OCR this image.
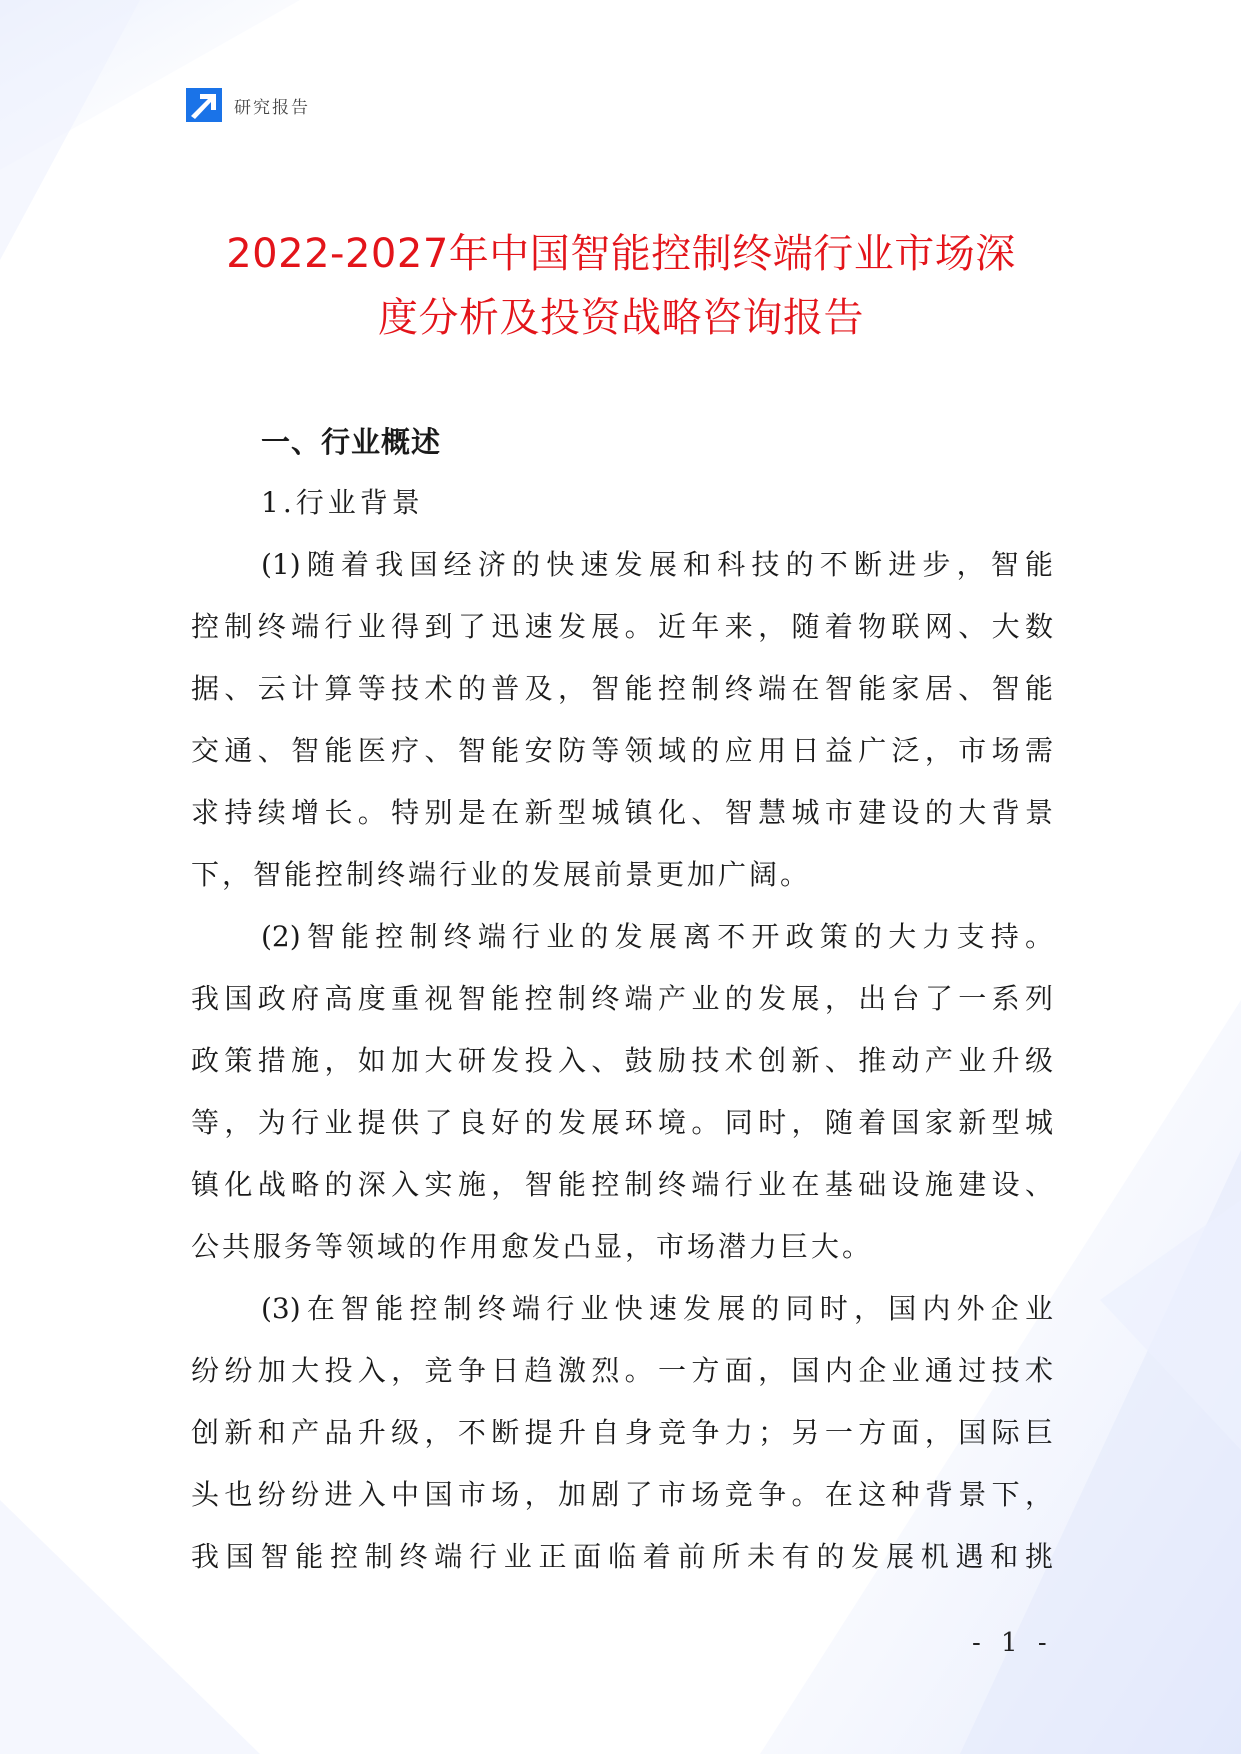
研究报告
2022-2027年中国智能控制终端行业市场深
度分析及投资战略咨询报告
一、行业概述
1.行业背景
(1)随着我国经济的快速发展和科技的不断进步，智能
控制终端行业得到了迅速发展。近年来，随着物联网、大数
据、云计算等技术的普及，智能控制终端在智能家居、智能
交通、智能医疗、智能安防等领域的应用日益广泛，市场需
求持续增长。特别是在新型城镇化、智慧城市建设的大背景
下，智能控制终端行业的发展前景更加广阔。
(2)智能控制终端行业的发展离不开政策的大力支持。
我国政府高度重视智能控制终端产业的发展，出台了一系列
政策措施，如加大研发投入、鼓励技术创新、推动产业升级
等，为行业提供了良好的发展环境。同时，随着国家新型城
镇化战略的深入实施，智能控制终端行业在基础设施建设、
公共服务等领域的作用愈发凸显，市场潜力巨大。
(3)在智能控制终端行业快速发展的同时，国内外企业
纷纷加大投入，竞争日趋激烈。一方面，国内企业通过技术
创新和产品升级，不断提升自身竞争力；另一方面，国际巨
头也纷纷进入中国市场，加剧了市场竞争。在这种背景下，
我国智能控制终端行业正面临着前所未有的发展机遇和挑
- 1 -
